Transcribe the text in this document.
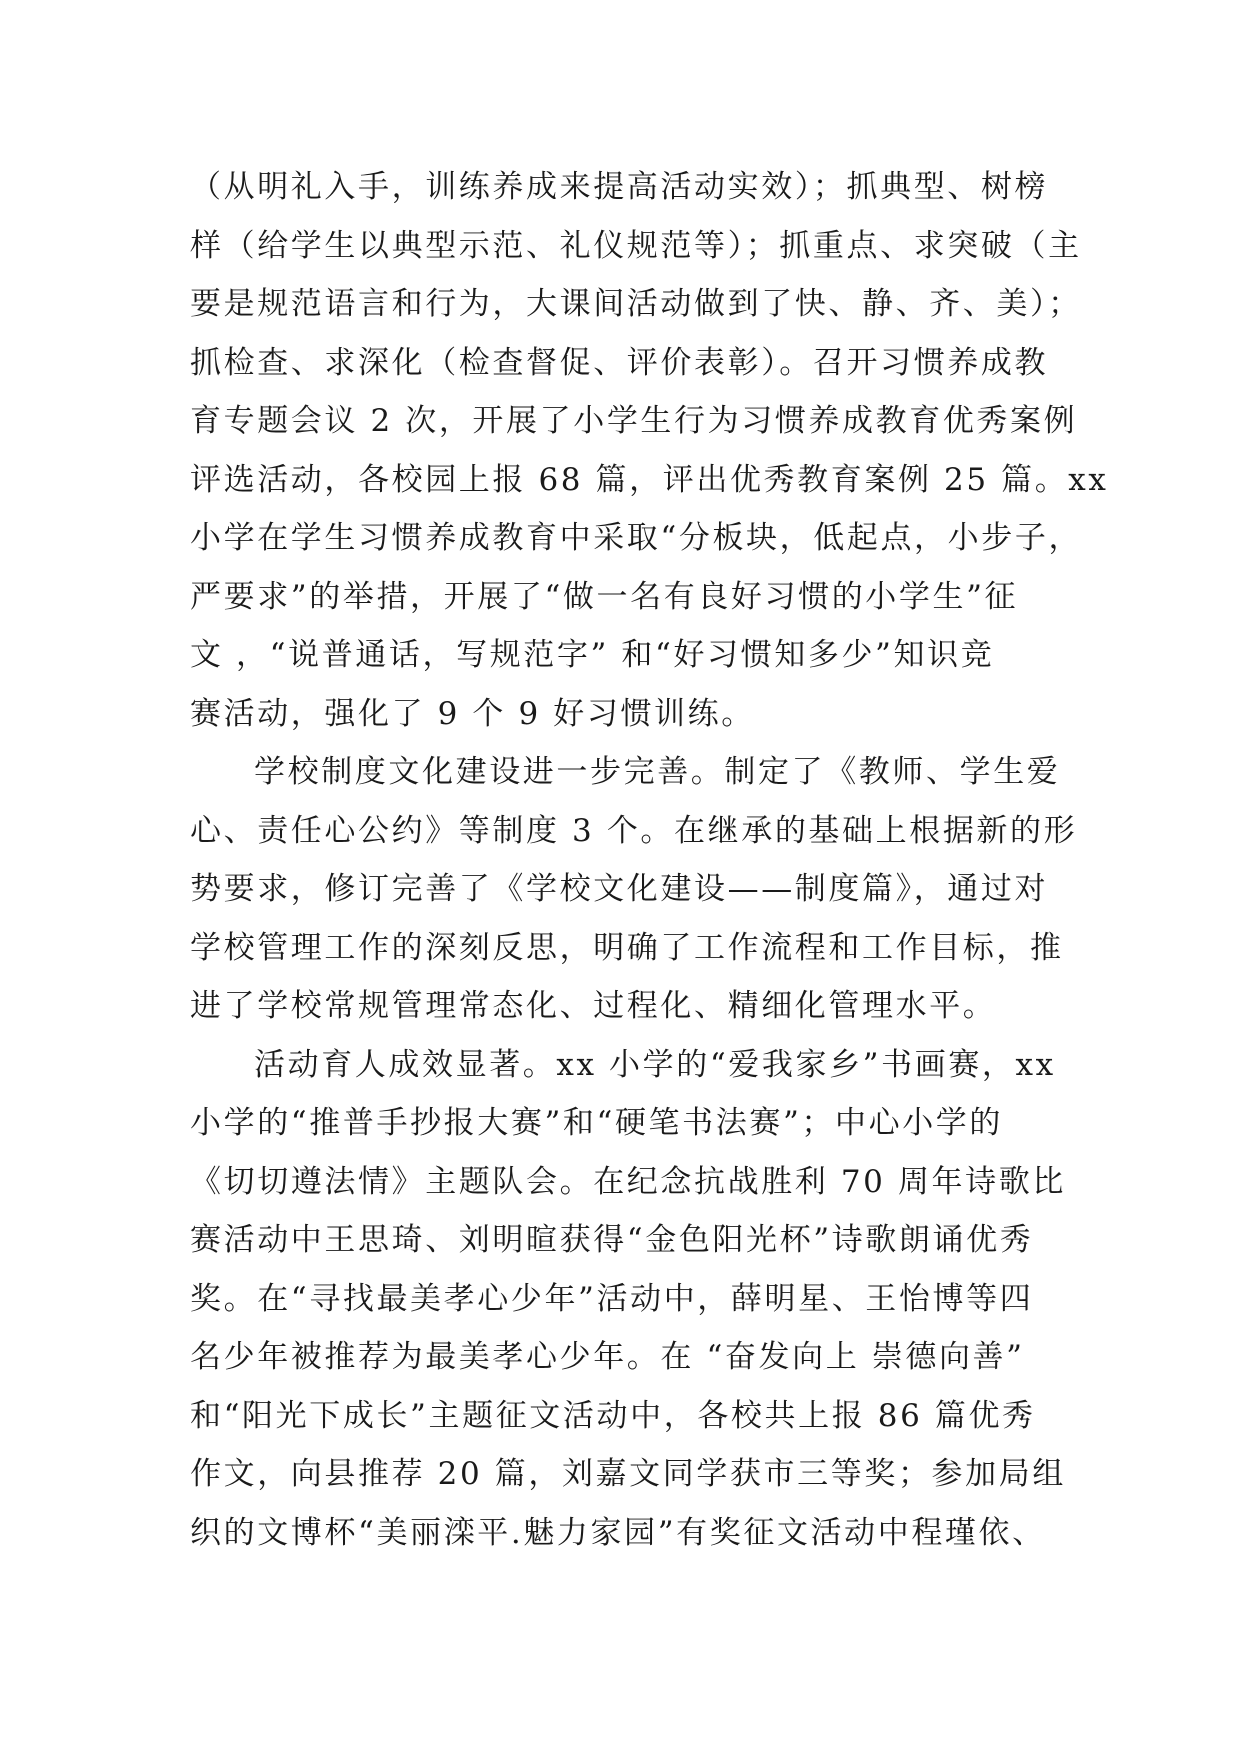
（从明礼入手，训练养成来提高活动实效）；抓典型、树榜
样（给学生以典型示范、礼仪规范等）；抓重点、求突破（主
要是规范语言和行为，大课间活动做到了快、静、齐、美）；
抓检查、求深化（检查督促、评价表彰）。召开习惯养成教
育专题会议 2 次，开展了小学生行为习惯养成教育优秀案例
评选活动，各校园上报 68 篇，评出优秀教育案例 25 篇。xx
小学在学生习惯养成教育中采取“分板块，低起点，小步子，
严要求”的举措，开展了“做一名有良好习惯的小学生”征
文 ，“说普通话，写规范字” 和“好习惯知多少”知识竞
赛活动，强化了 9 个 9 好习惯训练。
学校制度文化建设进一步完善。制定了《教师、学生爱
心、责任心公约》等制度 3 个。在继承的基础上根据新的形
势要求，修订完善了《学校文化建设——制度篇》，通过对
学校管理工作的深刻反思，明确了工作流程和工作目标，推
进了学校常规管理常态化、过程化、精细化管理水平。
活动育人成效显著。xx 小学的“爱我家乡”书画赛，xx
小学的“推普手抄报大赛”和“硬笔书法赛”；中心小学的
《切切遵法情》主题队会。在纪念抗战胜利 70 周年诗歌比
赛活动中王思琦、刘明暄获得“金色阳光杯”诗歌朗诵优秀
奖。在“寻找最美孝心少年”活动中，薛明星、王怡博等四
名少年被推荐为最美孝心少年。在 “奋发向上 崇德向善”
和“阳光下成长”主题征文活动中，各校共上报 86 篇优秀
作文，向县推荐 20 篇，刘嘉文同学获市三等奖；参加局组
织的文博杯“美丽滦平.魅力家园”有奖征文活动中程瑾依、
